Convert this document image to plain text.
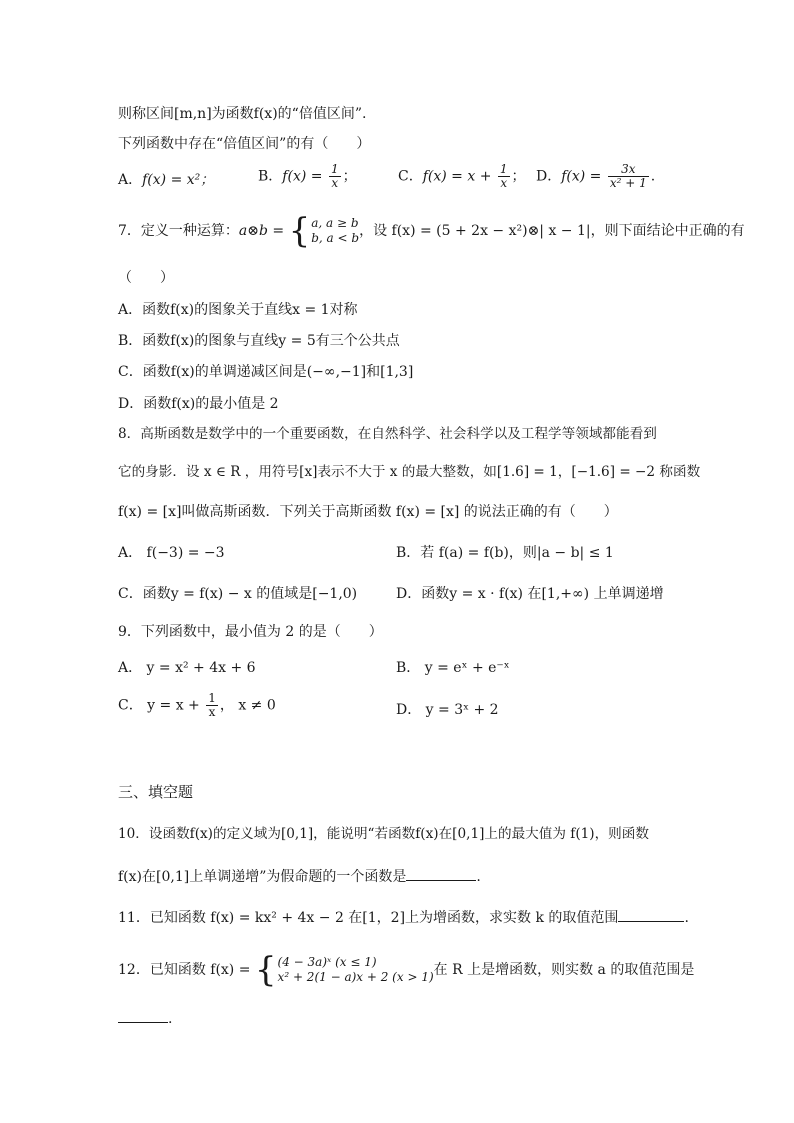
则称区间[m,n]为函数f(x)的“倍值区间”.
下列函数中存在“倍值区间”的有（　　）
A．f(x) = x²；	B．$f(x) = \frac{1}{x}$ ；	C．$f(x) = x + \frac{1}{x}$ ； D．$f(x) = \frac{3x}{\text{x² + 1}}$ .
7．定义一种运算：a⊗b = { a, a ≥ b
b, a < b ，设 f(x) = (5 + 2x − x²)⊗| x − 1|，则下面结论中正确的有
（　　）
A．函数f(x)的图象关于直线x = 1对称
B．函数f(x)的图象与直线y = 5有三个公共点
C．函数f(x)的单调递减区间是(−∞,−1]和[1,3]
D．函数f(x)的最小值是 2
8．高斯函数是数学中的一个重要函数，在自然科学、社会科学以及工程学等领域都能看到
它的身影．设 x ∈ R ，用符号[x]表示不大于 x 的最大整数，如[1.6] = 1，[−1.6] = −2 称函数
f(x) = [x]叫做高斯函数．下列关于高斯函数 f(x) = [x] 的说法正确的有（　　）
A． f(−3) = −3	B．若 f(a) = f(b)，则|a − b| ≤ 1
C．函数y = f(x) − x 的值域是[−1,0)	D．函数y = x · f(x) 在[1,+∞) 上单调递增
9．下列函数中，最小值为 2 的是（　　）
A． y = x² + 4x + 6	B． y = eˣ + e⁻ˣ
C． $y = x + \frac{1}{x}$ ， x ≠ 0	D． y = 3ˣ + 2
三、填空题
10．设函数f(x)的定义域为[0,1]，能说明“若函数f(x)在[0,1]上的最大值为 f(1)，则函数
f(x)在[0,1]上单调递增”为假命题的一个函数是	.
11．已知函数 f(x) = kx² + 4x − 2 在[1，2]上为增函数，求实数 k 的取值范围	.
12．已知函数 f(x) = { (4 − 3a)ˣ (x ≤ 1)
x² + 2(1 − a)x + 2 (x > 1) 在 R 上是增函数，则实数 a 的取值范围是
.
